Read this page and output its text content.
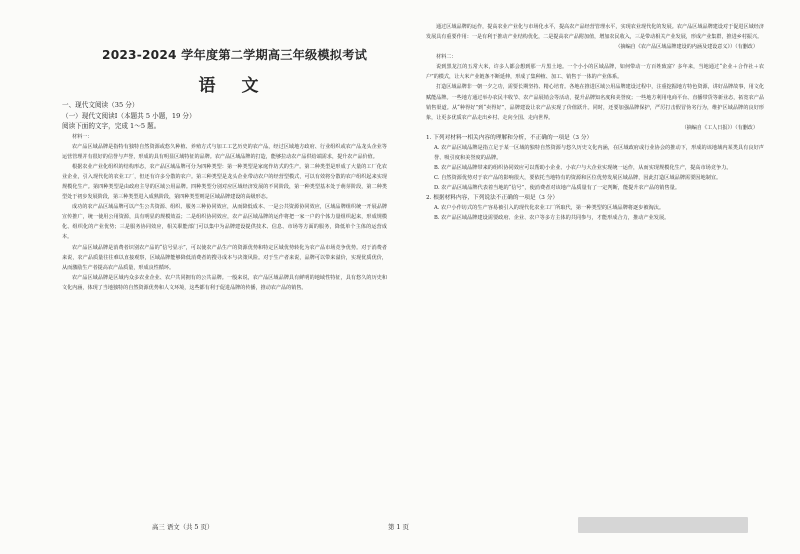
2023-2024 学年度第二学期高三年级模拟考试
语 文
一、现代文阅读（35 分）
（一）现代文阅读Ⅰ（本题共 5 小题，19 分）
阅读下面的文字，完成 1～5 题。
材料一：

农产品区域品牌是指特有独特自然资源或悠久种植、养殖方式与加工工艺历史的农产品，经过区域地方政府、行业组织或农产品龙头企业等运营管理并有很好的信誉与声誉，形成的具有明显区域特征的品牌。农产品区域品牌的打造，能够拉动农产品供给端需求，提升农产品价值。

根据农业产业化组织的结构形态，农产品区域品牌可分为四种类型：第一种类型是家庭作坊式的生产。第二种类型是形成了大量的工厂化农业企业，引入现代化的农业工厂，但还有许多分散的农户。第三种类型是龙头企业带动农户的经营型模式，可以有效将分散的农户组织起来实现规模化生产。第四种类型是由政府主导的区域公用品牌。四种类型分别对应区域经济发展的不同阶段，第一种类型基本处于萌芽阶段，第二种类型处于初步发展阶段，第三种类型进入成熟阶段，第四种类型则是区域品牌建设的高级形态。

成功的农产品区域品牌可以产生公共资源、组织、服务三种协同效应，从而降低成本、一是公共资源协同效应，区域品牌组织统一开展品牌宣传推广，统一使用公用资源，具有明显的规模效益；二是组织协同效应，农产品区域品牌的运作将把一家一户的个体力量组织起来，形成规模化、组织化的产业优势；三是服务协同效应，相关职能部门可以集中为品牌建设提供技术、信息、市场等方面的服务，降低单个主体的运营成本。

农产品区域品牌是消费者识别农产品的“信号显示”，可以使农产品生产的资源优势和特定区域优势转化为农产品市场竞争优势。对于消费者来说，农产品质量往往难以直接观察，区域品牌能够降低消费者的搜寻成本与决策风险。对于生产者来说，品牌可以带来溢价，实现优质优价，从而激励生产者提高农产品质量，形成良性循环。

农产品区域品牌是区域内众多农业企业、农户共同拥有的公共品牌。一般来说，农产品区域品牌具有鲜明的地域性特征，具有悠久的历史和文化内涵，体现了当地独特的自然资源优势和人文环境，这些都有利于促进品牌的传播，推动农产品的销售。

通过区域品牌的运作，提高农业产业化与市场化水平，提高农产品经营管理水平，实现农业现代化的发展。农产品区域品牌建设对于促进区域经济发展具有重要作用：一是有利于推动产业结构优化，二是提高农产品附加值，增加农民收入，三是带动相关产业发展，形成产业集群，推进乡村振兴。

（摘编自《农产品区域品牌建设的内涵及建设意义》）（有删改）
材料二：

说到黑龙江的五常大米，许多人都会想到那一片黑土地。一个小小的区域品牌，如何带动一方百姓致富？多年来，当地通过“企业＋合作社＋农户”的模式，让大米产业链条不断延伸，形成了集种植、加工、销售于一体的产业体系。

打造区域品牌非一朝一夕之功，需要长期坚持、精心培育。各地在推进区域公用品牌建设过程中，注重挖掘地方特色资源，讲好品牌故事，用文化赋能品牌。一些地方通过举办农民丰收节、农产品展销会等活动，提升品牌知名度和美誉度；一些地方利用电商平台、直播带货等新业态，拓宽农产品销售渠道。从“种得好”到“卖得好”，品牌建设让农产品实现了价值跃升。同时，还要加强品牌保护，严厉打击假冒伪劣行为，维护区域品牌的良好形象，让更多优质农产品走出乡村、走向全国、走向世界。

（摘编自《工人日报》）（有删改）
1. 下列对材料一相关内容的理解和分析，不正确的一项是（3 分）
A. 农产品区域品牌是指立足于某一区域的独特自然资源与悠久历史文化内涵，在区域政府或行业协会的推动下，形成的该地域内某类具有良好声誉、吸引度和美誉度的品牌。
B. 农产品区域品牌带来的组织协同效应可以帮助小企业、小农户与大企业实现统一运作，从而实现规模化生产，提高市场竞争力。
C. 自然资源优势对于农产品的影响很大，要依托当地特有的资源和区位优势发展区域品牌，因此打造区域品牌需要因地制宜。
D. 农产品区域品牌代表着当地的“信号”，使消费者对该地产品质量有了一定判断，能提升农产品的销售量。
2. 根据材料内容，下列说法不正确的一项是（3 分）
A. 农户小作坊式的生产容易被引入的现代化农业工厂所取代，第一种类型的区域品牌将逐步被淘汰。
B. 农产品区域品牌建设需要政府、企业、农户等多方主体的共同参与，才能形成合力，推动产业发展。
高三 语文（共 5 页）	第 1 页
